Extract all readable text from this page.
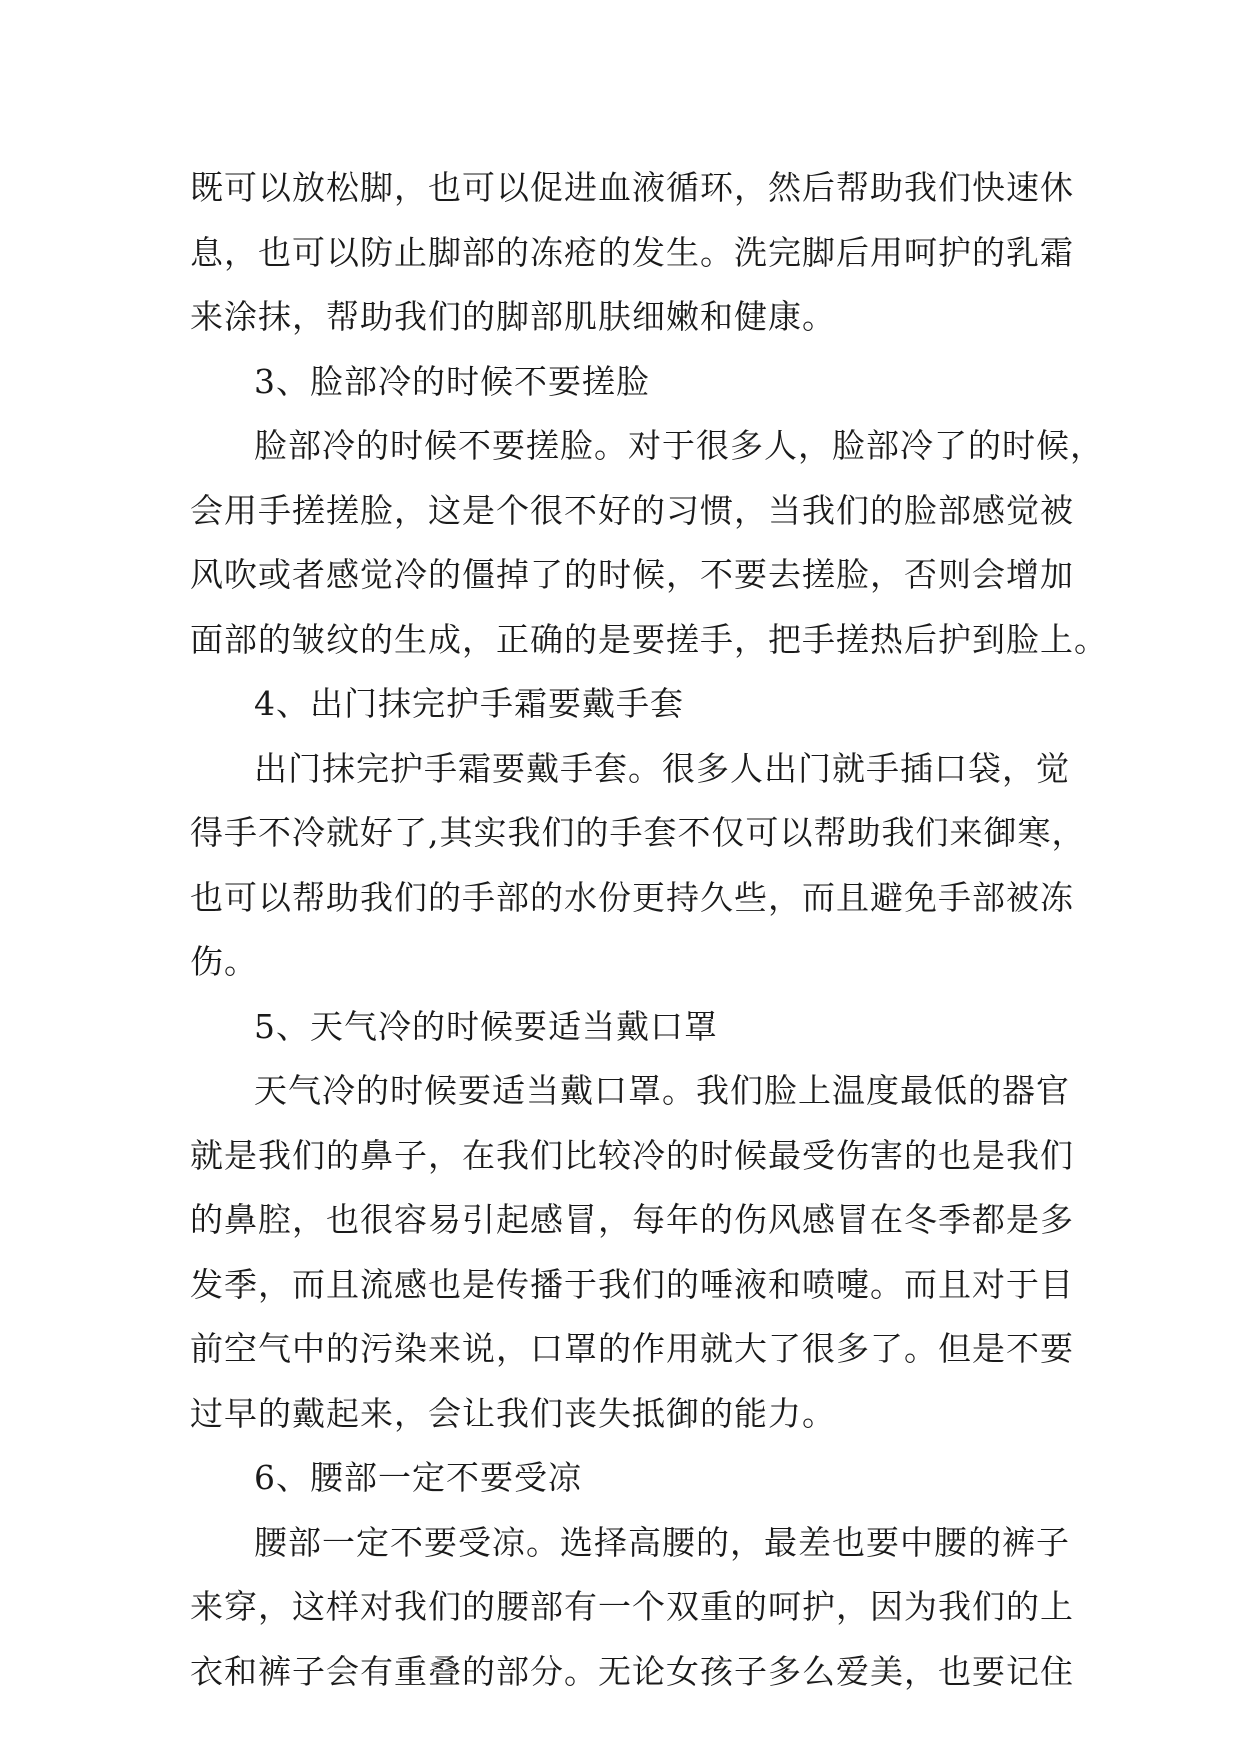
既可以放松脚，也可以促进血液循环，然后帮助我们快速休
息，也可以防止脚部的冻疮的发生。洗完脚后用呵护的乳霜
来涂抹，帮助我们的脚部肌肤细嫩和健康。
3、脸部冷的时候不要搓脸
脸部冷的时候不要搓脸。对于很多人，脸部冷了的时候，
会用手搓搓脸，这是个很不好的习惯，当我们的脸部感觉被
风吹或者感觉冷的僵掉了的时候，不要去搓脸，否则会增加
面部的皱纹的生成，正确的是要搓手，把手搓热后护到脸上。
4、出门抹完护手霜要戴手套
出门抹完护手霜要戴手套。很多人出门就手插口袋，觉
得手不冷就好了,其实我们的手套不仅可以帮助我们来御寒，
也可以帮助我们的手部的水份更持久些，而且避免手部被冻
伤。
5、天气冷的时候要适当戴口罩
天气冷的时候要适当戴口罩。我们脸上温度最低的器官
就是我们的鼻子，在我们比较冷的时候最受伤害的也是我们
的鼻腔，也很容易引起感冒，每年的伤风感冒在冬季都是多
发季，而且流感也是传播于我们的唾液和喷嚏。而且对于目
前空气中的污染来说，口罩的作用就大了很多了。但是不要
过早的戴起来，会让我们丧失抵御的能力。
6、腰部一定不要受凉
腰部一定不要受凉。选择高腰的，最差也要中腰的裤子
来穿，这样对我们的腰部有一个双重的呵护，因为我们的上
衣和裤子会有重叠的部分。无论女孩子多么爱美，也要记住
